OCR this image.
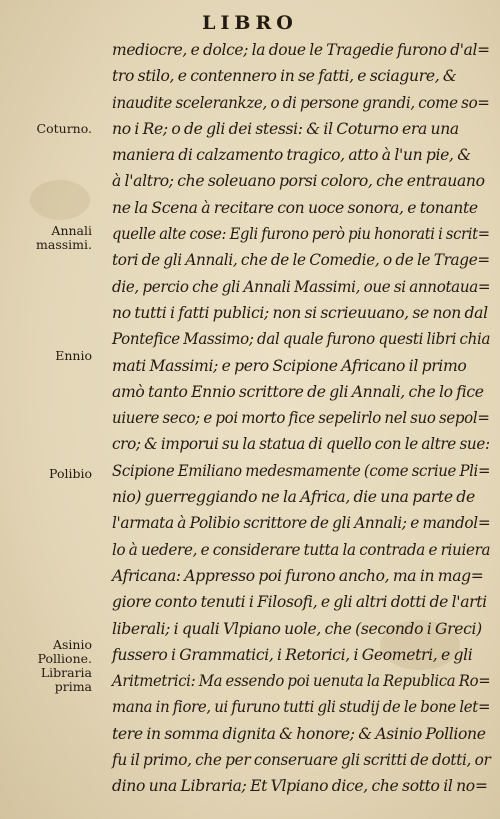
LIBRO
mediocre, e dolce; la doue le Tragedie furono d'al=
tro stilo, e contennero in se fatti, e sciagure, &
inaudite scelerankze, o di persone grandi, come so=
no i Re; o de gli dei stessi: & il Coturno era una
maniera di calzamento tragico, atto à l'un pie, &
à l'altro; che soleuano porsi coloro, che entrauano
ne la Scena à recitare con uoce sonora, e tonante
quelle alte cose: Egli furono però piu honorati i scrit=
tori de gli Annali, che de le Comedie, o de le Trage=
die, percio che gli Annali Massimi, oue si annotaua=
no tutti i fatti publici; non si scrieuuano, se non dal
Pontefice Massimo; dal quale furono questi libri chia
mati Massimi; e pero Scipione Africano il primo
amò tanto Ennio scrittore de gli Annali, che lo fice
uiuere seco; e poi morto fice sepelirlo nel suo sepol=
cro; & imporui su la statua di quello con le altre sue:
Scipione Emiliano medesmamente (come scriue Pli=
nio) guerreggiando ne la Africa, die una parte de
l'armata à Polibio scrittore de gli Annali; e mandol=
lo à uedere, e considerare tutta la contrada e riuiera
Africana: Appresso poi furono ancho, ma in mag=
giore conto tenuti i Filosofi, e gli altri dotti de l'arti
liberali; i quali Vlpiano uole, che (secondo i Greci)
fussero i Grammatici, i Retorici, i Geometri, e gli
Aritmetrici: Ma essendo poi uenuta la Republica Ro=
mana in fiore, ui furuno tutti gli studij de le bone let=
tere in somma dignita & honore; & Asinio Pollione
fu il primo, che per conseruare gli scritti de dotti, or
dino una Libraria; Et Vlpiano dice, che sotto il no=
Coturno.
Annali
massimi.
Ennio
Polibio
Asinio
Pollione.
Libraria
prima
